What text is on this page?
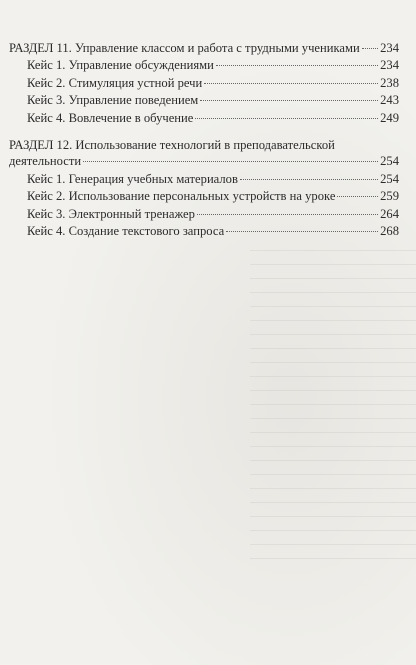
РАЗДЕЛ 11. Управление классом и работа с трудными учениками 234
Кейс 1. Управление обсуждениями	234
Кейс 2. Стимуляция устной речи	238
Кейс 3. Управление поведением	243
Кейс 4. Вовлечение в обучение	249
РАЗДЕЛ 12. Использование технологий в преподавательской
деятельности	254
Кейс 1. Генерация учебных материалов	254
Кейс 2. Использование персональных устройств на уроке	259
Кейс 3. Электронный тренажер	264
Кейс 4. Создание текстового запроса	268
